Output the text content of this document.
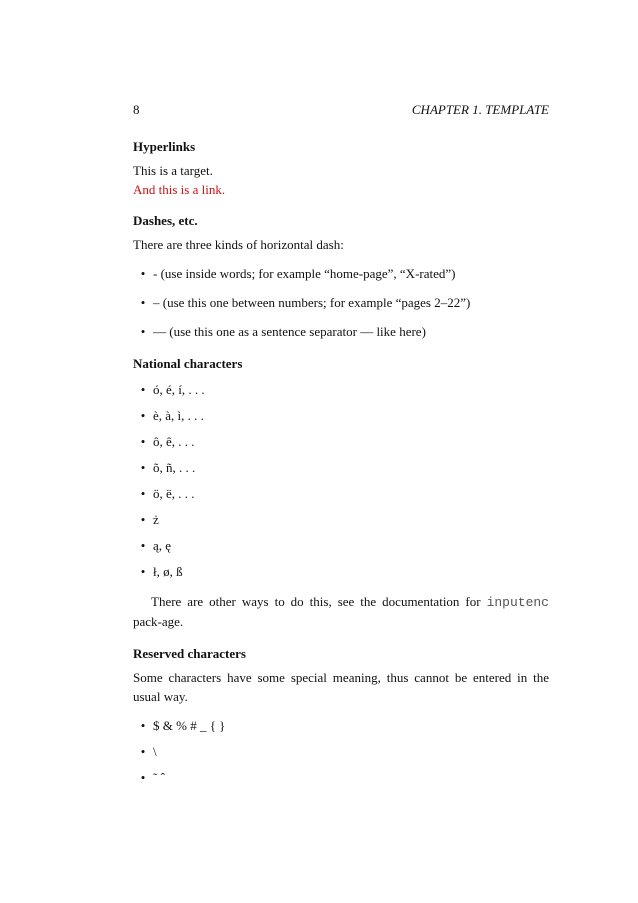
8	CHAPTER 1. TEMPLATE
Hyperlinks

This is a target.

And this is a link.

Dashes, etc.

There are three kinds of horizontal dash:

• - (use inside words; for example “home-page”, “X-rated”)
• – (use this one between numbers; for example “pages 2–22”)
• — (use this one as a sentence separator — like here)
National characters
• ó, é, í, . . .
• è, à, ì, . . .
• ô, ê, . . .
• õ, ñ, . . .
• ö, ë, . . .
• ż
• ą, ę
• ł, ø, ß

There are other ways to do this, see the documentation for inputenc pack-age.

Reserved characters

Some characters have some special meaning, thus cannot be entered in the usual way.

• $ & % # _ { }
• \
• ˜ ˆ
